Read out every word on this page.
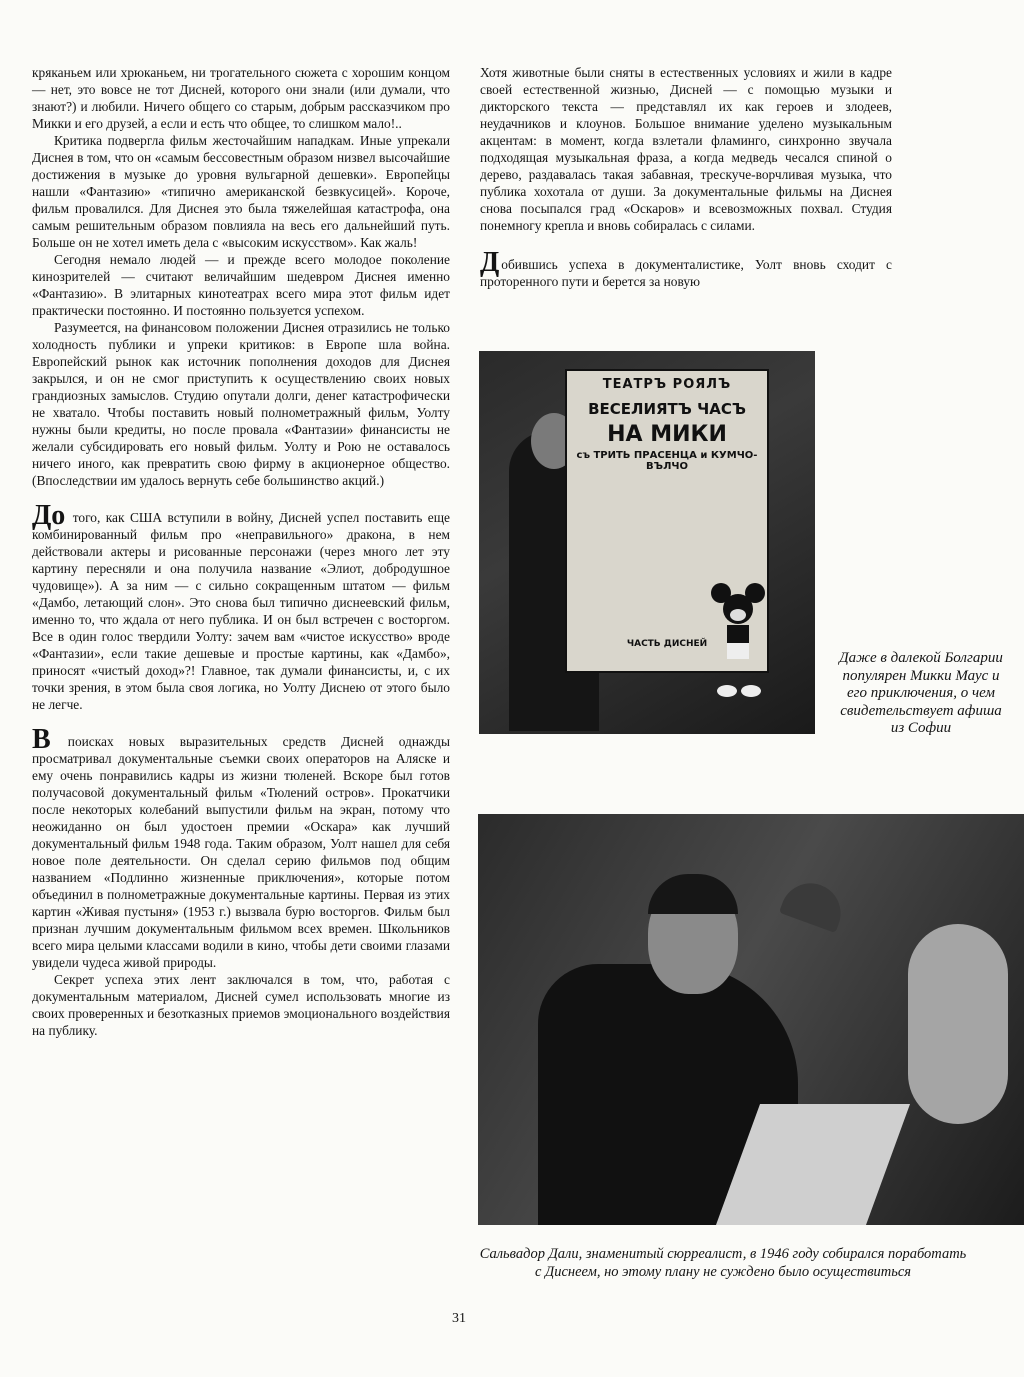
кряканьем или хрюканьем, ни трогательного сюжета с хорошим концом — нет, это вовсе не тот Дисней, которого они знали (или думали, что знают?) и любили. Ничего общего со старым, добрым рассказчиком про Микки и его друзей, а если и есть что общее, то слишком мало!..

Критика подвергла фильм жесточайшим нападкам. Иные упрекали Диснея в том, что он «самым бессовестным образом низвел высочайшие достижения в музыке до уровня вульгарной дешевки». Европейцы нашли «Фантазию» «типично американской безвкусицей». Короче, фильм провалился. Для Диснея это была тяжелейшая катастрофа, она самым решительным образом повлияла на весь его дальнейший путь. Больше он не хотел иметь дела с «высоким искусством». Как жаль!

Сегодня немало людей — и прежде всего молодое поколение кинозрителей — считают величайшим шедевром Диснея именно «Фантазию». В элитарных кинотеатрах всего мира этот фильм идет практически постоянно. И постоянно пользуется успехом.

Разумеется, на финансовом положении Диснея отразились не только холодность публики и упреки критиков: в Европе шла война. Европейский рынок как источник пополнения доходов для Диснея закрылся, и он не смог приступить к осуществлению своих новых грандиозных замыслов. Студию опутали долги, денег катастрофически не хватало. Чтобы поставить новый полнометражный фильм, Уолту нужны были кредиты, но после провала «Фантазии» финансисты не желали субсидировать его новый фильм. Уолту и Рою не оставалось ничего иного, как превратить свою фирму в акционерное общество. (Впоследствии им удалось вернуть себе большинство акций.)

До того, как США вступили в войну, Дисней успел поставить еще комбинированный фильм про «неправильного» дракона, в нем действовали актеры и рисованные персонажи (через много лет эту картину пересняли и она получила название «Элиот, добродушное чудовище»). А за ним — с сильно сокращенным штатом — фильм «Дамбо, летающий слон». Это снова был типично диснеевский фильм, именно то, что ждала от него публика. И он был встречен с восторгом. Все в один голос твердили Уолту: зачем вам «чистое искусство» вроде «Фантазии», если такие дешевые и простые картины, как «Дамбо», приносят «чистый доход»?! Главное, так думали финансисты, и, с их точки зрения, в этом была своя логика, но Уолту Диснею от этого было не легче.

В поисках новых выразительных средств Дисней однажды просматривал документальные съемки своих операторов на Аляске и ему очень понравились кадры из жизни тюленей. Вскоре был готов получасовой документальный фильм «Тюлений остров». Прокатчики после некоторых колебаний выпустили фильм на экран, потому что неожиданно он был удостоен премии «Оскара» как лучший документальный фильм 1948 года. Таким образом, Уолт нашел для себя новое поле деятельности. Он сделал серию фильмов под общим названием «Подлинно жизненные приключения», которые потом объединил в полнометражные документальные картины. Первая из этих картин «Живая пустыня» (1953 г.) вызвала бурю восторгов. Фильм был признан лучшим документальным фильмом всех времен. Школьников всего мира целыми классами водили в кино, чтобы дети своими глазами увидели чудеса живой природы.

Секрет успеха этих лент заключался в том, что, работая с документальным материалом, Дисней сумел использовать многие из своих проверенных и безотказных приемов эмоционального воздействия на публику.

Хотя животные были сняты в естественных условиях и жили в кадре своей естественной жизнью, Дисней — с помощью музыки и дикторского текста — представлял их как героев и злодеев, неудачников и клоунов. Большое внимание уделено музыкальным акцентам: в момент, когда взлетали фламинго, синхронно звучала подходящая музыкальная фраза, а когда медведь чесался спиной о дерево, раздавалась такая забавная, трескуче-ворчливая музыка, что публика хохотала от души. За документальные фильмы на Диснея снова посыпался град «Оскаров» и всевозможных похвал. Студия понемногу крепла и вновь собиралась с силами.

Добившись успеха в документалистике, Уолт вновь сходит с проторенного пути и берется за новую

ТЕАТРЪ РОЯЛЪ
ВЕСЕЛИЯТЪ ЧАСЪ
НА МИКИ
съ ТРИТЬ ПРАСЕНЦА и КУМЧО-ВЪЛЧО
ЧАСТЬ ДИСНЕЙ
Даже в далекой Болгарии популярен Микки Маус и его приключения, о чем свидетельствует афиша из Софии
Сальвадор Дали, знаменитый сюрреалист, в 1946 году собирался поработать с Диснеем, но этому плану не суждено было осуществиться
31
